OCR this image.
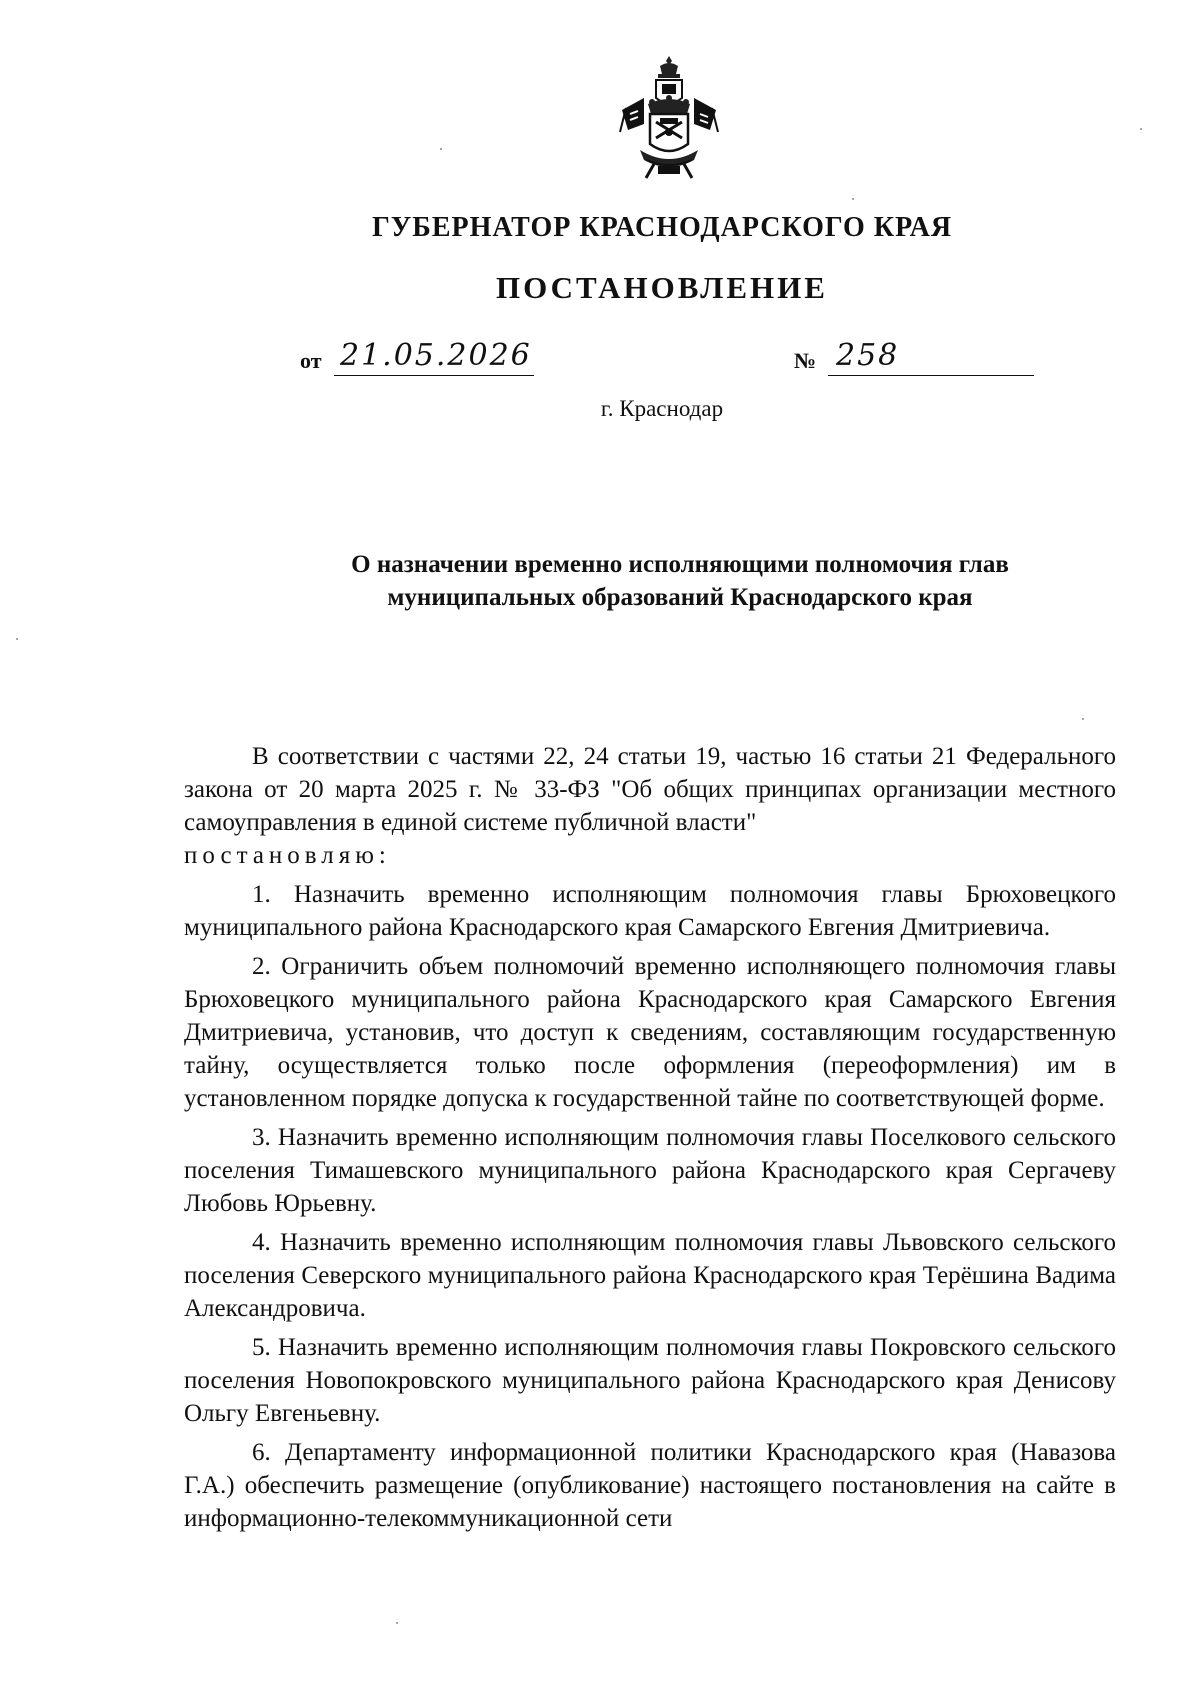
ГУБЕРНАТОР КРАСНОДАРСКОГО КРАЯ
ПОСТАНОВЛЕНИЕ
от 21.05.2026	№ 258
г. Краснодар
О назначении временно исполняющими полномочия глав
муниципальных образований Краснодарского края

В соответствии с частями 22, 24 статьи 19, частью 16 статьи 21 Федерального закона от 20 марта 2025 г. № 33-ФЗ "Об общих принципах организации местного самоуправления в единой системе публичной власти"

постановляю:

1. Назначить временно исполняющим полномочия главы Брюховецкого муниципального района Краснодарского края Самарского Евгения Дмитриевича.

2. Ограничить объем полномочий временно исполняющего полномочия главы Брюховецкого муниципального района Краснодарского края Самарского Евгения Дмитриевича, установив, что доступ к сведениям, составляющим государственную тайну, осуществляется только после оформления (переоформления) им в установленном порядке допуска к государственной тайне по соответствующей форме.

3. Назначить временно исполняющим полномочия главы Поселкового сельского поселения Тимашевского муниципального района Краснодарского края Сергачеву Любовь Юрьевну.

4. Назначить временно исполняющим полномочия главы Львовского сельского поселения Северского муниципального района Краснодарского края Терёшина Вадима Александровича.

5. Назначить временно исполняющим полномочия главы Покровского сельского поселения Новопокровского муниципального района Краснодарского края Денисову Ольгу Евгеньевну.

6. Департаменту информационной политики Краснодарского края (Навазова Г.А.) обеспечить размещение (опубликование) настоящего постановления на сайте в информационно-телекоммуникационной сети
